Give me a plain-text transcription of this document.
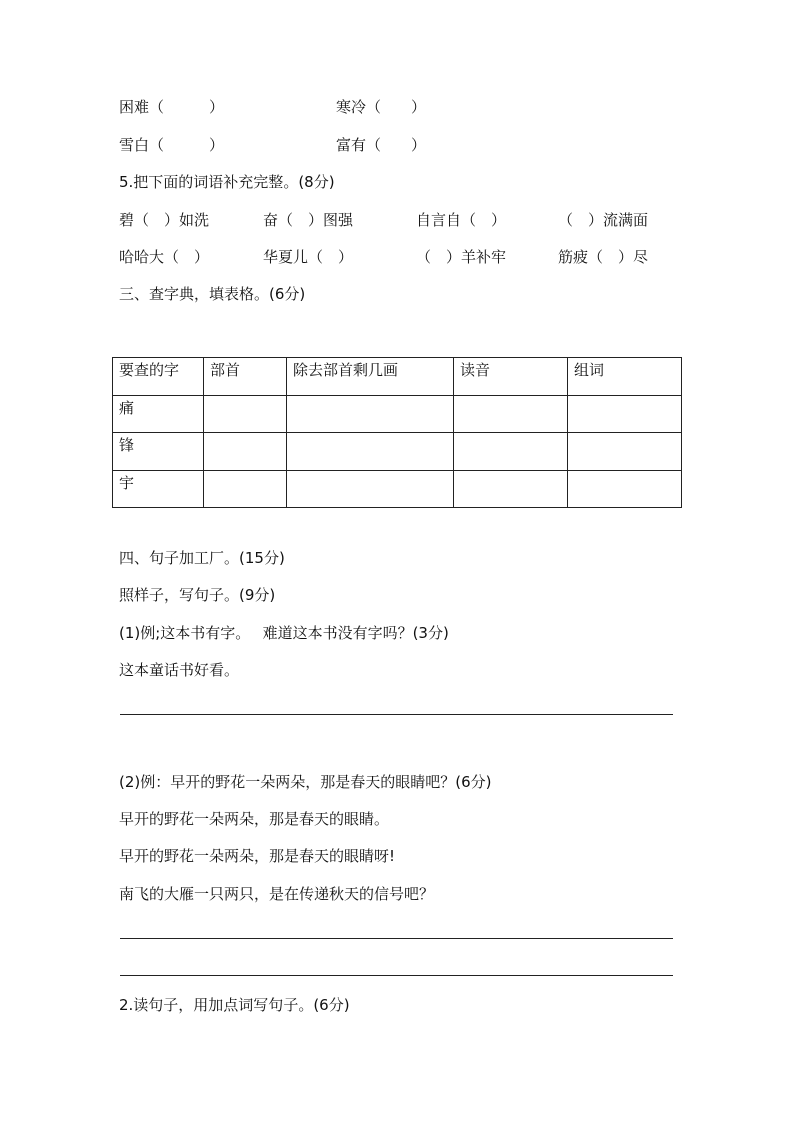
困难（　　　）	寒冷（　　）
雪白（　　　）	富有（　　）
5.把下面的词语补充完整。(8分)
碧（　）如洗	奋（　）图强	自言自（　）	（　）流满面
哈哈大（　）	华夏儿（　）	（　）羊补牢	筋疲（　）尽
三、查字典，填表格。(6分)
要查的字	部首	除去部首剩几画	读音	组词
痛				
锋				
宇				
四、句子加工厂。(15分)
照样子，写句子。(9分)
(1)例;这本书有字。　 难道这本书没有字吗？(3分)
这本童话书好看。
(2)例：早开的野花一朵两朵，那是春天的眼睛吧？(6分)
早开的野花一朵两朵，那是春天的眼睛。
早开的野花一朵两朵，那是春天的眼睛呀!
南飞的大雁一只两只，是在传递秋天的信号吧？
2.读句子，用加点词写句子。(6分)
